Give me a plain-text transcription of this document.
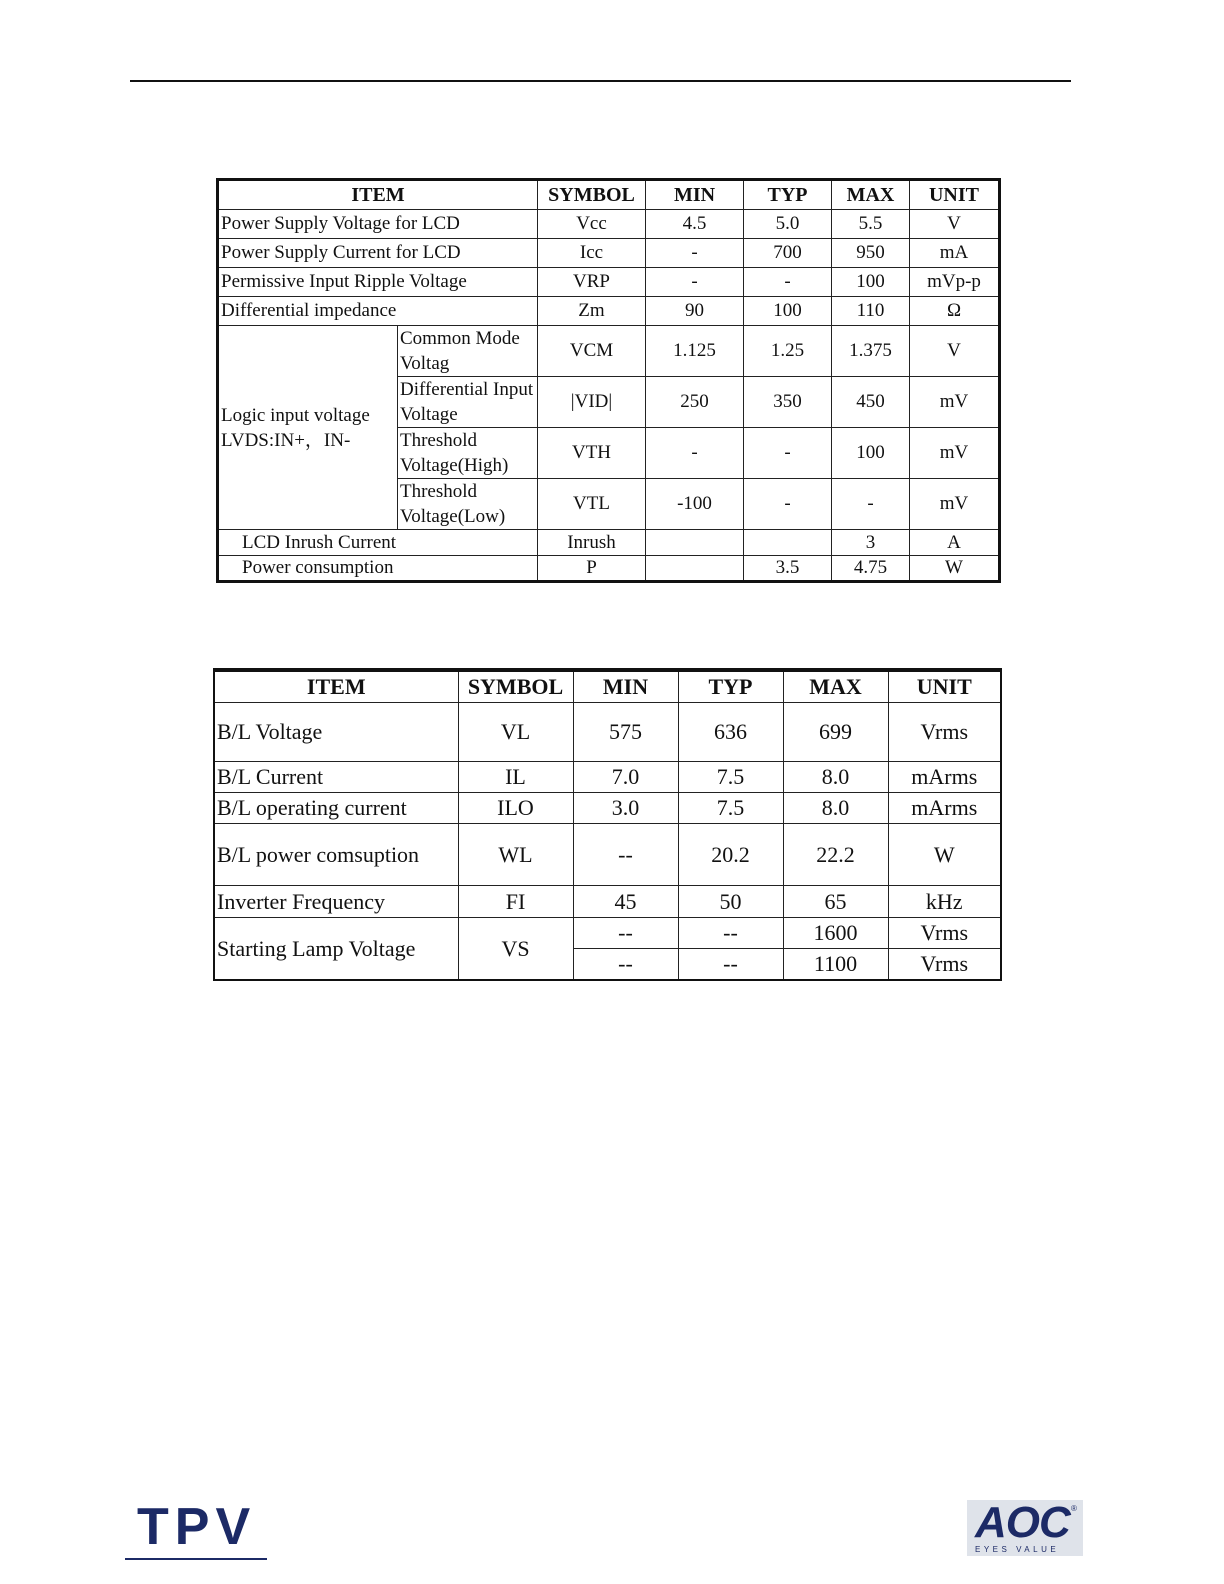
ITEM		SYMBOL	MIN	TYP	MAX	UNIT
Power Supply Voltage for LCD		Vcc	4.5	5.0	5.5	V
Power Supply Current for LCD		Icc	-	700	950	mA
Permissive Input Ripple Voltage		VRP	-	-	100	mVp-p
Differential impedance		Zm	90	100	110	Ω
Logic input voltage
LVDS:IN+，IN-	Common Mode Voltag	VCM	1.125	1.25	1.375	V
	Differential Input Voltage	|VID|	250	350	450	mV
	Threshold Voltage(High)	VTH	-	-	100	mV
	Threshold Voltage(Low)	VTL	-100	-	-	mV
LCD Inrush Current		Inrush			3	A
Power consumption		P		3.5	4.75	W
ITEM	SYMBOL	MIN	TYP	MAX	UNIT
B/L Voltage	VL	575	636	699	Vrms
B/L Current	IL	7.0	7.5	8.0	mArms
B/L operating current	ILO	3.0	7.5	8.0	mArms
B/L power comsuption	WL	--	20.2	22.2	W
Inverter Frequency	FI	45	50	65	kHz
Starting Lamp Voltage	VS	--	--	1600	Vrms
		--	--	1100	Vrms
TPV	AOC ®
EYES VALUE
